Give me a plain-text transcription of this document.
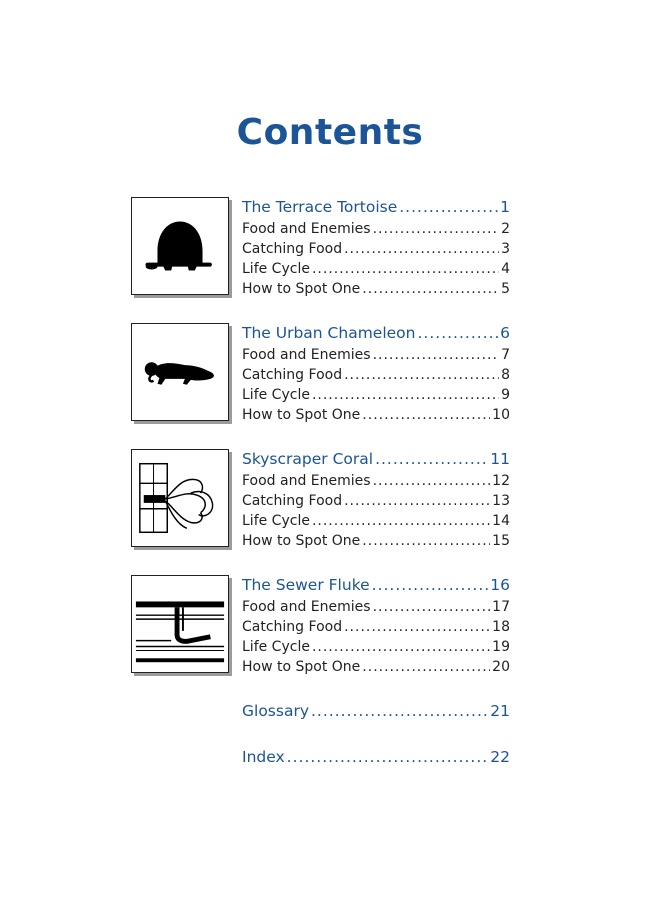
Contents
The Terrace Tortoise .....	1
Food and Enemies .....	2
Catching Food .....	3
Life Cycle .....	4
How to Spot One .....	5
The Urban Chameleon .....	6
Food and Enemies .....	7
Catching Food .....	8
Life Cycle .....	9
How to Spot One .....	10
Skyscraper Coral .....	11
Food and Enemies .....	12
Catching Food .....	13
Life Cycle .....	14
How to Spot One .....	15
The Sewer Fluke .....	16
Food and Enemies .....	17
Catching Food .....	18
Life Cycle .....	19
How to Spot One .....	20
Glossary .....	21
Index .....	22
